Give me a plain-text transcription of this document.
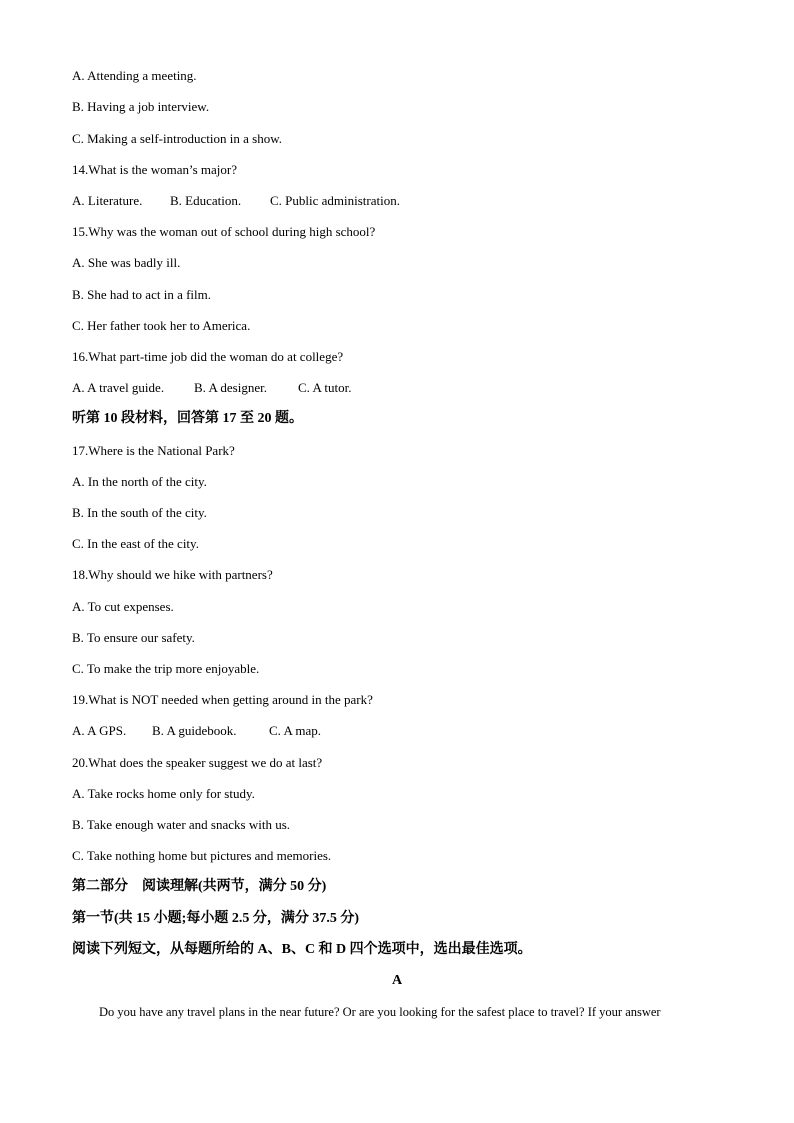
A. Attending a meeting.
B. Having a job interview.
C. Making a self-introduction in a show.
14.What is the woman’s major?
A. Literature. B. Education. C. Public administration.
15.Why was the woman out of school during high school?
A. She was badly ill.
B. She had to act in a film.
C. Her father took her to America.
16.What part-time job did the woman do at college?
A. A travel guide. B. A designer. C. A tutor.
听第 10 段材料，回答第 17 至 20 题。
17.Where is the National Park?
A. In the north of the city.
B. In the south of the city.
C. In the east of the city.
18.Why should we hike with partners?
A. To cut expenses.
B. To ensure our safety.
C. To make the trip more enjoyable.
19.What is NOT needed when getting around in the park?
A. A GPS. B. A guidebook. C. A map.
20.What does the speaker suggest we do at last?
A. Take rocks home only for study.
B. Take enough water and snacks with us.
C. Take nothing home but pictures and memories.
第二部分　阅读理解(共两节，满分 50 分)
第一节(共 15 小题;每小题 2.5 分，满分 37.5 分)
阅读下列短文，从每题所给的 A、B、C 和 D 四个选项中，选出最佳选项。
A
Do you have any travel plans in the near future? Or are you looking for the safest place to travel? If your answer
